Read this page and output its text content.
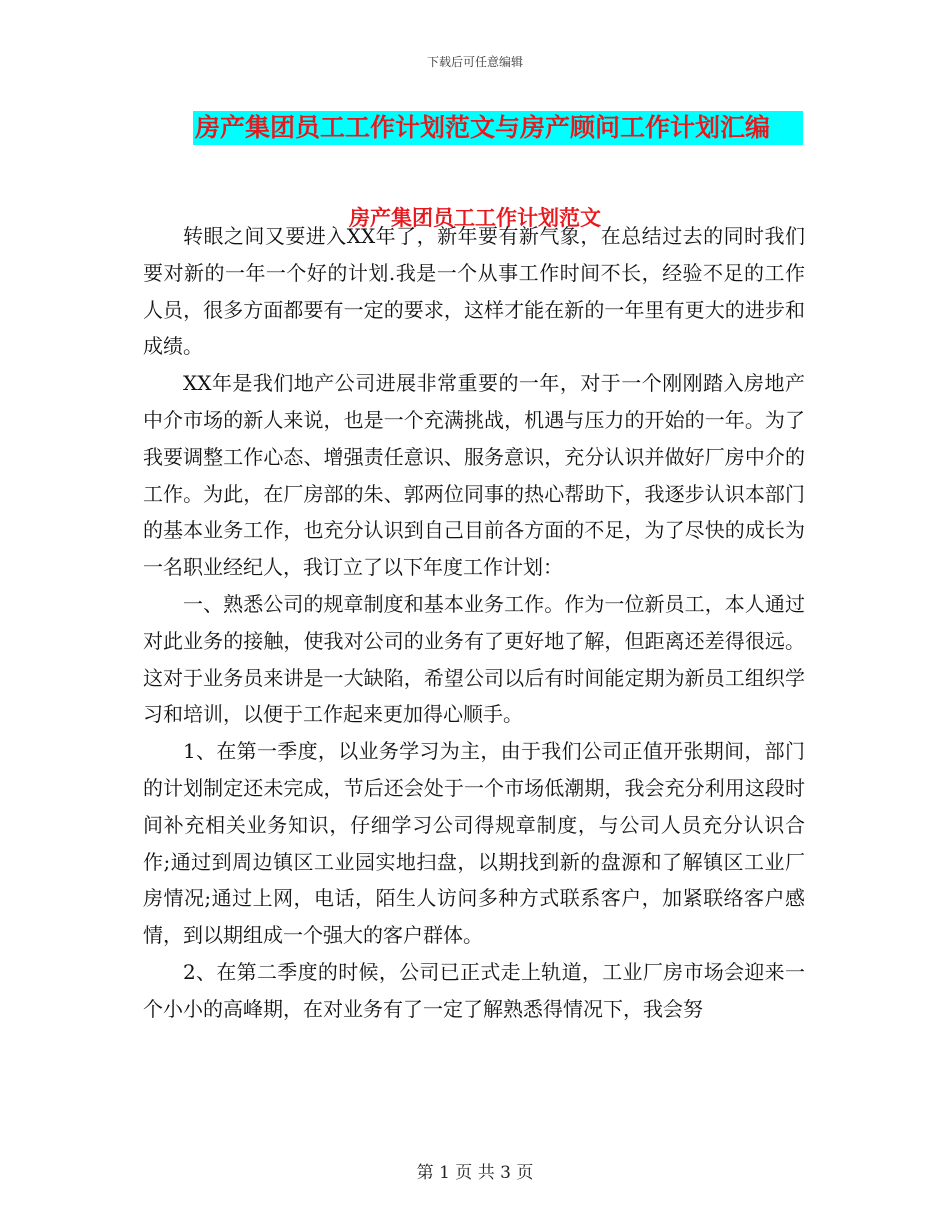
下载后可任意编辑
房产集团员工工作计划范文与房产顾问工作计划汇编
房产集团员工工作计划范文

转眼之间又要进入XX年了，新年要有新气象，在总结过去的同时我们要对新的一年一个好的计划.我是一个从事工作时间不长，经验不足的工作人员，很多方面都要有一定的要求，这样才能在新的一年里有更大的进步和成绩。

XX年是我们地产公司进展非常重要的一年，对于一个刚刚踏入房地产中介市场的新人来说，也是一个充满挑战，机遇与压力的开始的一年。为了我要调整工作心态、增强责任意识、服务意识，充分认识并做好厂房中介的工作。为此，在厂房部的朱、郭两位同事的热心帮助下，我逐步认识本部门的基本业务工作，也充分认识到自己目前各方面的不足，为了尽快的成长为一名职业经纪人，我订立了以下年度工作计划：

一、熟悉公司的规章制度和基本业务工作。作为一位新员工，本人通过对此业务的接触，使我对公司的业务有了更好地了解，但距离还差得很远。这对于业务员来讲是一大缺陷，希望公司以后有时间能定期为新员工组织学习和培训，以便于工作起来更加得心顺手。

1、在第一季度，以业务学习为主，由于我们公司正值开张期间，部门的计划制定还未完成，节后还会处于一个市场低潮期，我会充分利用这段时间补充相关业务知识，仔细学习公司得规章制度，与公司人员充分认识合作;通过到周边镇区工业园实地扫盘，以期找到新的盘源和了解镇区工业厂房情况;通过上网，电话，陌生人访问多种方式联系客户，加紧联络客户感情，到以期组成一个强大的客户群体。

2、在第二季度的时候，公司已正式走上轨道，工业厂房市场会迎来一个小小的高峰期，在对业务有了一定了解熟悉得情况下，我会努

第 1 页 共 3 页
